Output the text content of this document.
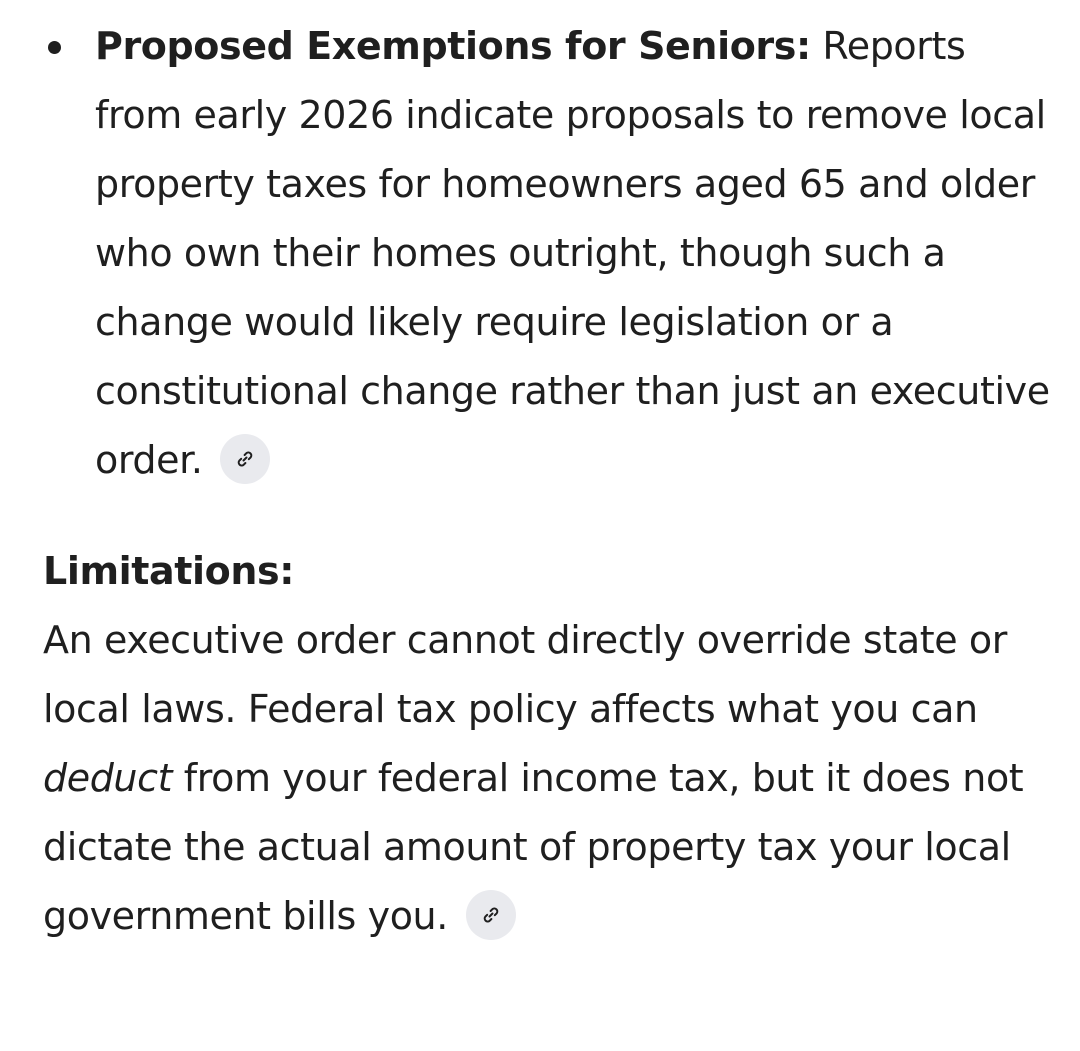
Proposed Exemptions for Seniors: Reports from early 2026 indicate proposals to remove local property taxes for homeowners aged 65 and older who own their homes outright, though such a change would likely require legislation or a constitutional change rather than just an executive order.
Limitations:
An executive order cannot directly override state or local laws. Federal tax policy affects what you can deduct from your federal income tax, but it does not dictate the actual amount of property tax your local government bills you.
